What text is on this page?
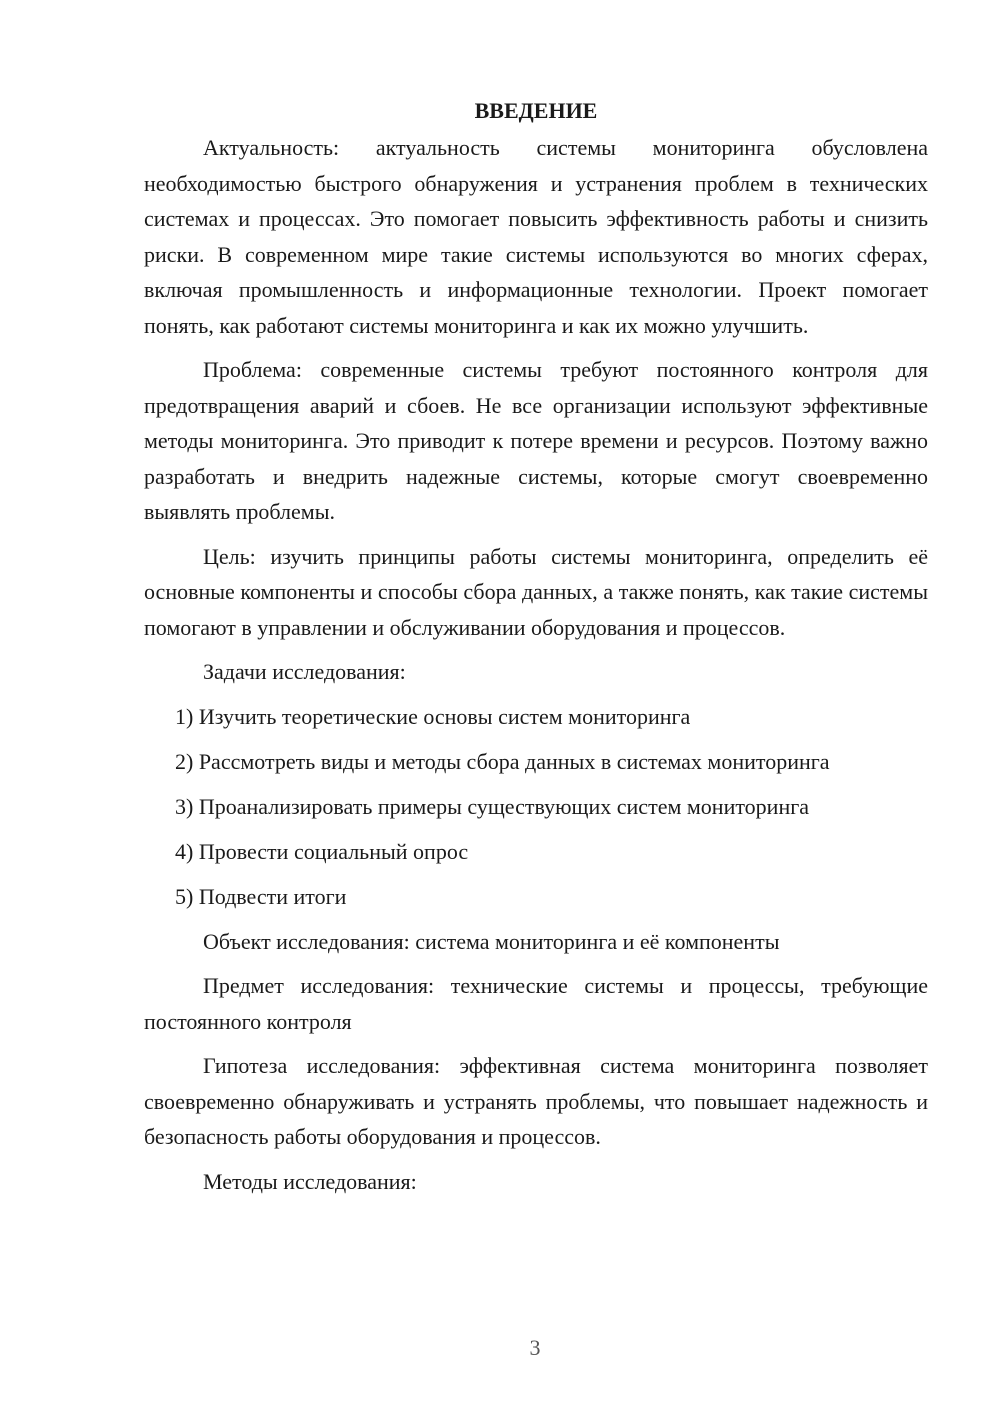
ВВЕДЕНИЕ

Актуальность: актуальность системы мониторинга обусловлена необходимостью быстрого обнаружения и устранения проблем в технических системах и процессах. Это помогает повысить эффективность работы и снизить риски. В современном мире такие системы используются во многих сферах, включая промышленность и информационные технологии. Проект помогает понять, как работают системы мониторинга и как их можно улучшить.

Проблема: современные системы требуют постоянного контроля для предотвращения аварий и сбоев. Не все организации используют эффективные методы мониторинга. Это приводит к потере времени и ресурсов. Поэтому важно разработать и внедрить надежные системы, которые смогут своевременно выявлять проблемы.

Цель: изучить принципы работы системы мониторинга, определить её основные компоненты и способы сбора данных, а также понять, как такие системы помогают в управлении и обслуживании оборудования и процессов.

Задачи исследования:

1) Изучить теоретические основы систем мониторинга
2) Рассмотреть виды и методы сбора данных в системах мониторинга
3) Проанализировать примеры существующих систем мониторинга
4) Провести социальный опрос
5) Подвести итоги

Объект исследования: система мониторинга и её компоненты

Предмет исследования: технические системы и процессы, требующие постоянного контроля

Гипотеза исследования: эффективная система мониторинга позволяет своевременно обнаруживать и устранять проблемы, что повышает надежность и безопасность работы оборудования и процессов.

Методы исследования:

3
